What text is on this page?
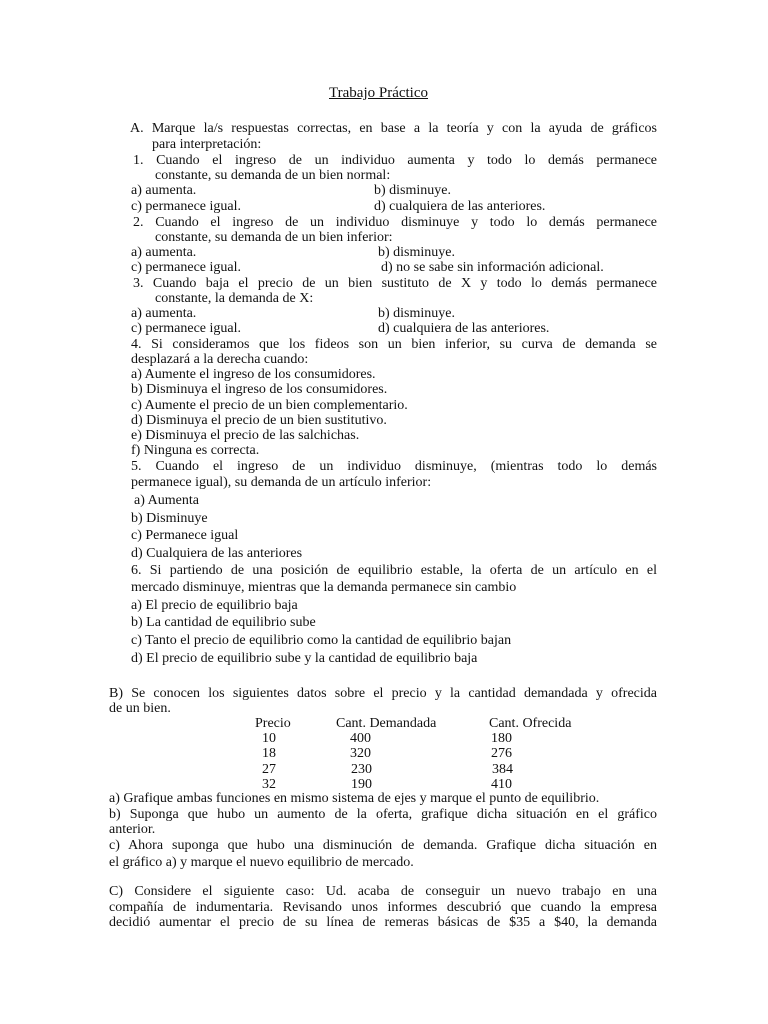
Trabajo Práctico
A. Marque la/s respuestas correctas, en base a la teoría y con la ayuda de gráficos
para interpretación:
1. Cuando el ingreso de un individuo aumenta y todo lo demás permanece
constante, su demanda de un bien normal:
a) aumenta.	b) disminuye.
c) permanece igual.	d) cualquiera de las anteriores.
2. Cuando el ingreso de un individuo disminuye y todo lo demás permanece
constante, su demanda de un bien inferior:
a) aumenta.	b) disminuye.
c) permanece igual.	d) no se sabe sin información adicional.
3. Cuando baja el precio de un bien sustituto de X y todo lo demás permanece
constante, la demanda de X:
a) aumenta.	b) disminuye.
c) permanece igual.	d) cualquiera de las anteriores.
4. Si consideramos que los fideos son un bien inferior, su curva de demanda se
desplazará a la derecha cuando:
a) Aumente el ingreso de los consumidores.
b) Disminuya el ingreso de los consumidores.
c) Aumente el precio de un bien complementario.
d) Disminuya el precio de un bien sustitutivo.
e) Disminuya el precio de las salchichas.
f) Ninguna es correcta.
5. Cuando el ingreso de un individuo disminuye, (mientras todo lo demás
permanece igual), su demanda de un artículo inferior:
a) Aumenta
b) Disminuye
c) Permanece igual
d) Cualquiera de las anteriores
6. Si partiendo de una posición de equilibrio estable, la oferta de un artículo en el
mercado disminuye, mientras que la demanda permanece sin cambio
a) El precio de equilibrio baja
b) La cantidad de equilibrio sube
c) Tanto el precio de equilibrio como la cantidad de equilibrio bajan
d) El precio de equilibrio sube y la cantidad de equilibrio baja
B) Se conocen los siguientes datos sobre el precio y la cantidad demandada y ofrecida
de un bien.
Precio	Cant. Demandada	Cant. Ofrecida
10	400	180
18	320	276
27	230	384
32	190	410
a) Grafique ambas funciones en mismo sistema de ejes y marque el punto de equilibrio.
b) Suponga que hubo un aumento de la oferta, grafique dicha situación en el gráfico
anterior.
c) Ahora suponga que hubo una disminución de demanda. Grafique dicha situación en
el gráfico a) y marque el nuevo equilibrio de mercado.
C) Considere el siguiente caso: Ud. acaba de conseguir un nuevo trabajo en una
compañía de indumentaria. Revisando unos informes descubrió que cuando la empresa
decidió aumentar el precio de su línea de remeras básicas de $35 a $40, la demanda
